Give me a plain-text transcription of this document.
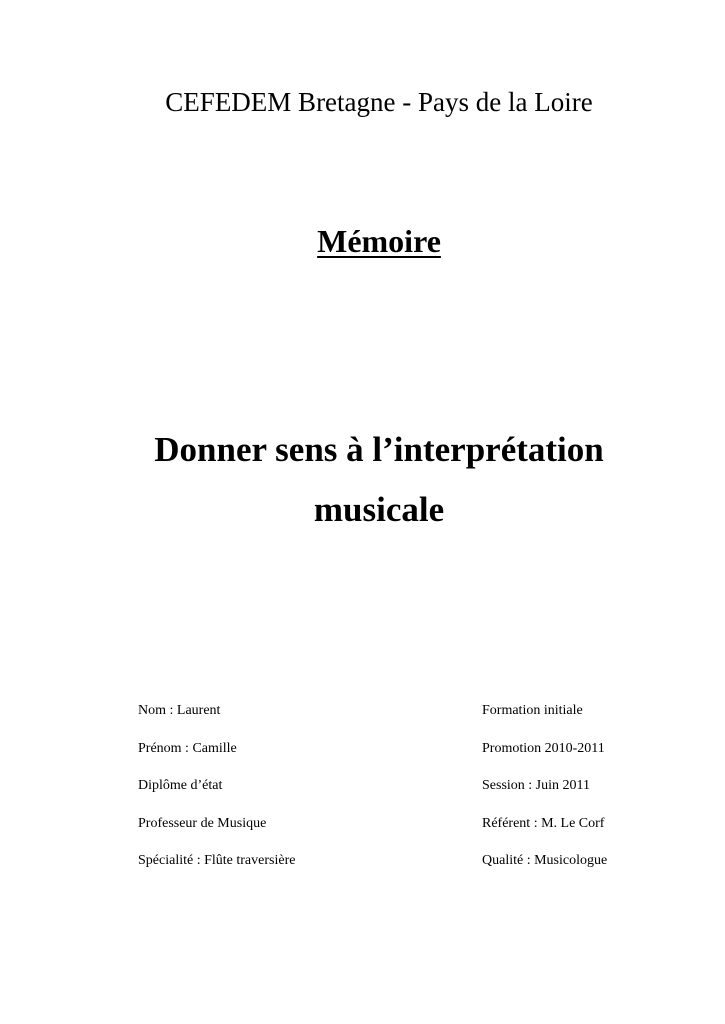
CEFEDEM Bretagne - Pays de la Loire
Mémoire
Donner sens à l’interprétation
musicale
Nom : Laurent
Prénom : Camille
Diplôme d’état
Professeur de Musique
Spécialité : Flûte traversière
Formation initiale
Promotion 2010-2011
Session : Juin 2011
Référent : M. Le Corf
Qualité : Musicologue
